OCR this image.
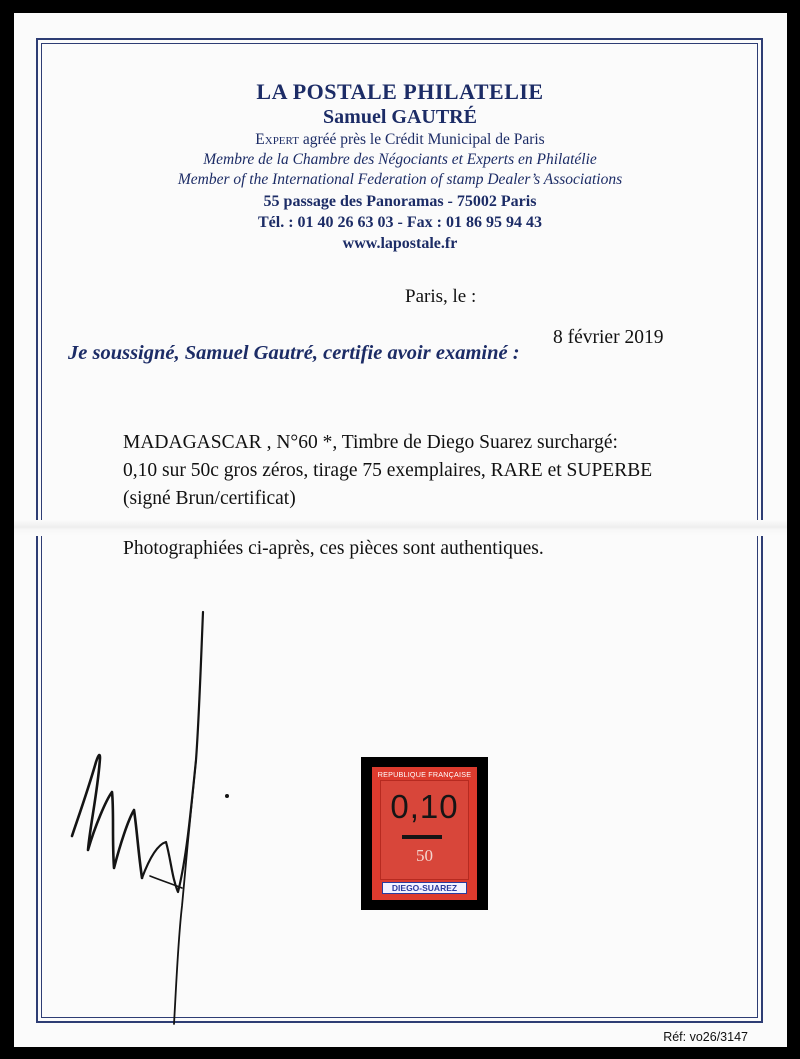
LA POSTALE PHILATELIE
Samuel GAUTRÉ
Expert agréé près le Crédit Municipal de Paris
Membre de la Chambre des Négociants et Experts en Philatélie
Member of the International Federation of stamp Dealer’s Associations
55 passage des Panoramas - 75002 Paris
Tél. : 01 40 26 63 03 - Fax : 01 86 95 94 43
www.lapostale.fr
Paris, le :
8 février 2019
Je soussigné, Samuel Gautré, certifie avoir examiné :
MADAGASCAR , N°60 *, Timbre de Diego Suarez surchargé:
0,10 sur 50c gros zéros, tirage 75 exemplaires, RARE et SUPERBE
(signé Brun/certificat)
Photographiées ci-après, ces pièces sont authentiques.
REPUBLIQUE FRANÇAISE
0,10
50
DIEGO-SUAREZ
Réf: vo26/3147
